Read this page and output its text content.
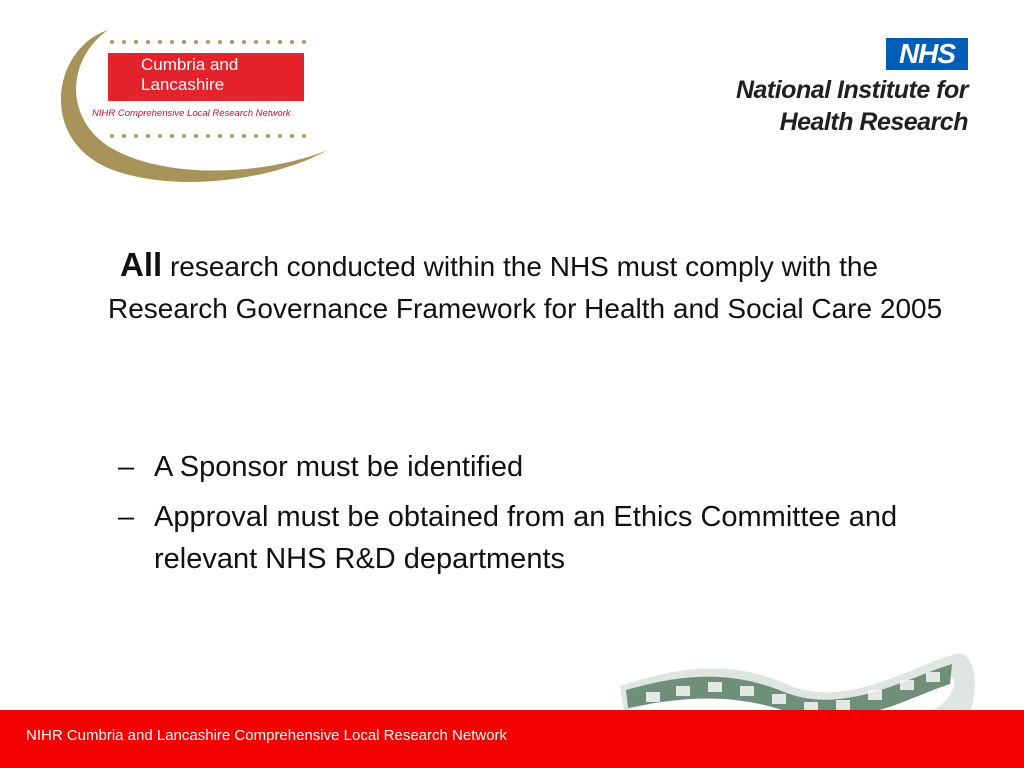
Cumbria and
Lancashire
NIHR Comprehensive Local Research Network
NHS
National Institute for
Health Research
All research conducted within the NHS must comply with the Research Governance Framework for Health and Social Care 2005
– A Sponsor must be identified
– Approval must be obtained from an Ethics Committee and relevant NHS R&D departments
NIHR Cumbria and Lancashire Comprehensive Local Research Network
